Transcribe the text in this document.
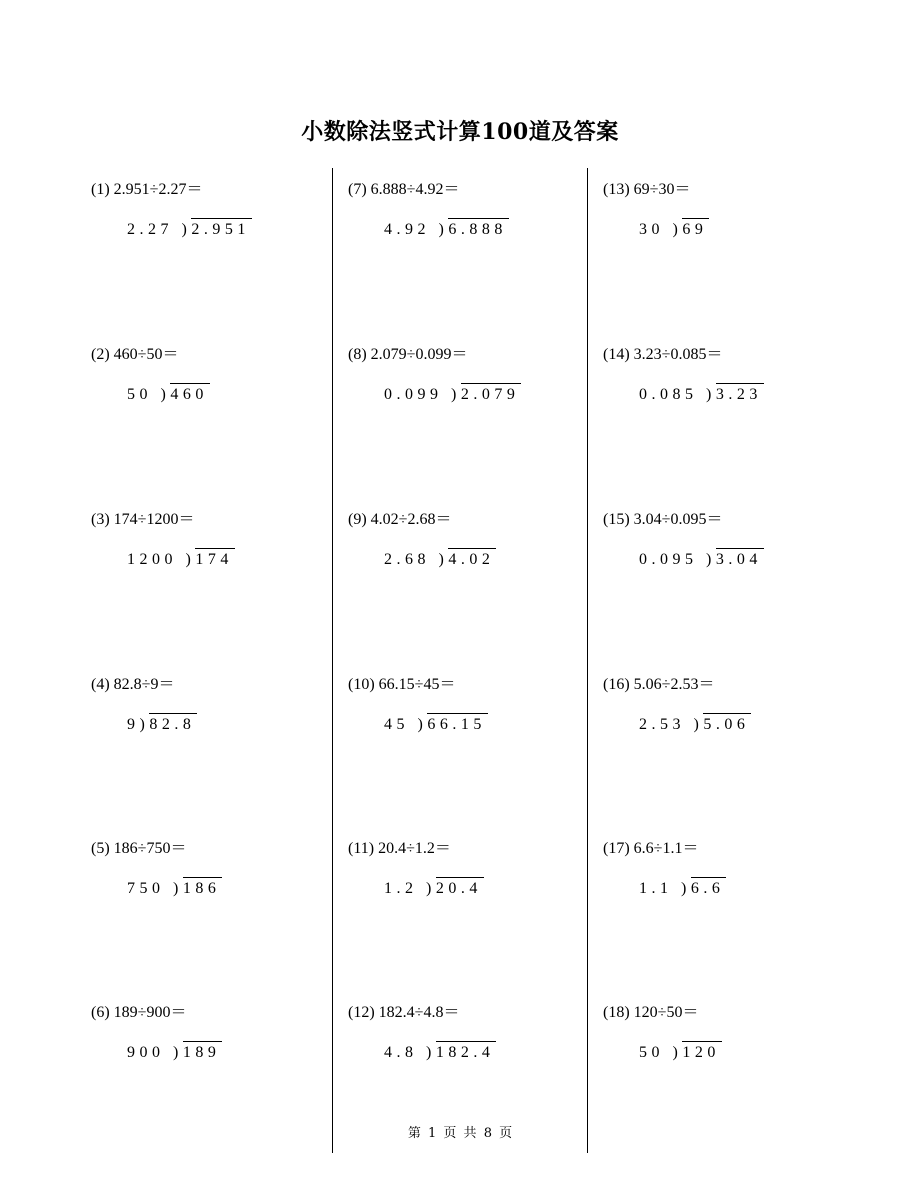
小数除法竖式计算100道及答案
(1) 2.951÷2.27＝
2.27 ) 2.951
(2) 460÷50＝
50 ) 460
(3) 174÷1200＝
1200 ) 174
(4) 82.8÷9＝
9) 82.8
(5) 186÷750＝
750 ) 186
(6) 189÷900＝
900 ) 189
(7) 6.888÷4.92＝
4.92 ) 6.888
(8) 2.079÷0.099＝
0.099 ) 2.079
(9) 4.02÷2.68＝
2.68 ) 4.02
(10) 66.15÷45＝
45 ) 66.15
(11) 20.4÷1.2＝
1.2 ) 20.4
(12) 182.4÷4.8＝
4.8 ) 182.4
(13) 69÷30＝
30 ) 69
(14) 3.23÷0.085＝
0.085 ) 3.23
(15) 3.04÷0.095＝
0.095 ) 3.04
(16) 5.06÷2.53＝
2.53 ) 5.06
(17) 6.6÷1.1＝
1.1 ) 6.6
(18) 120÷50＝
50 ) 120
第 1 页 共 8 页
